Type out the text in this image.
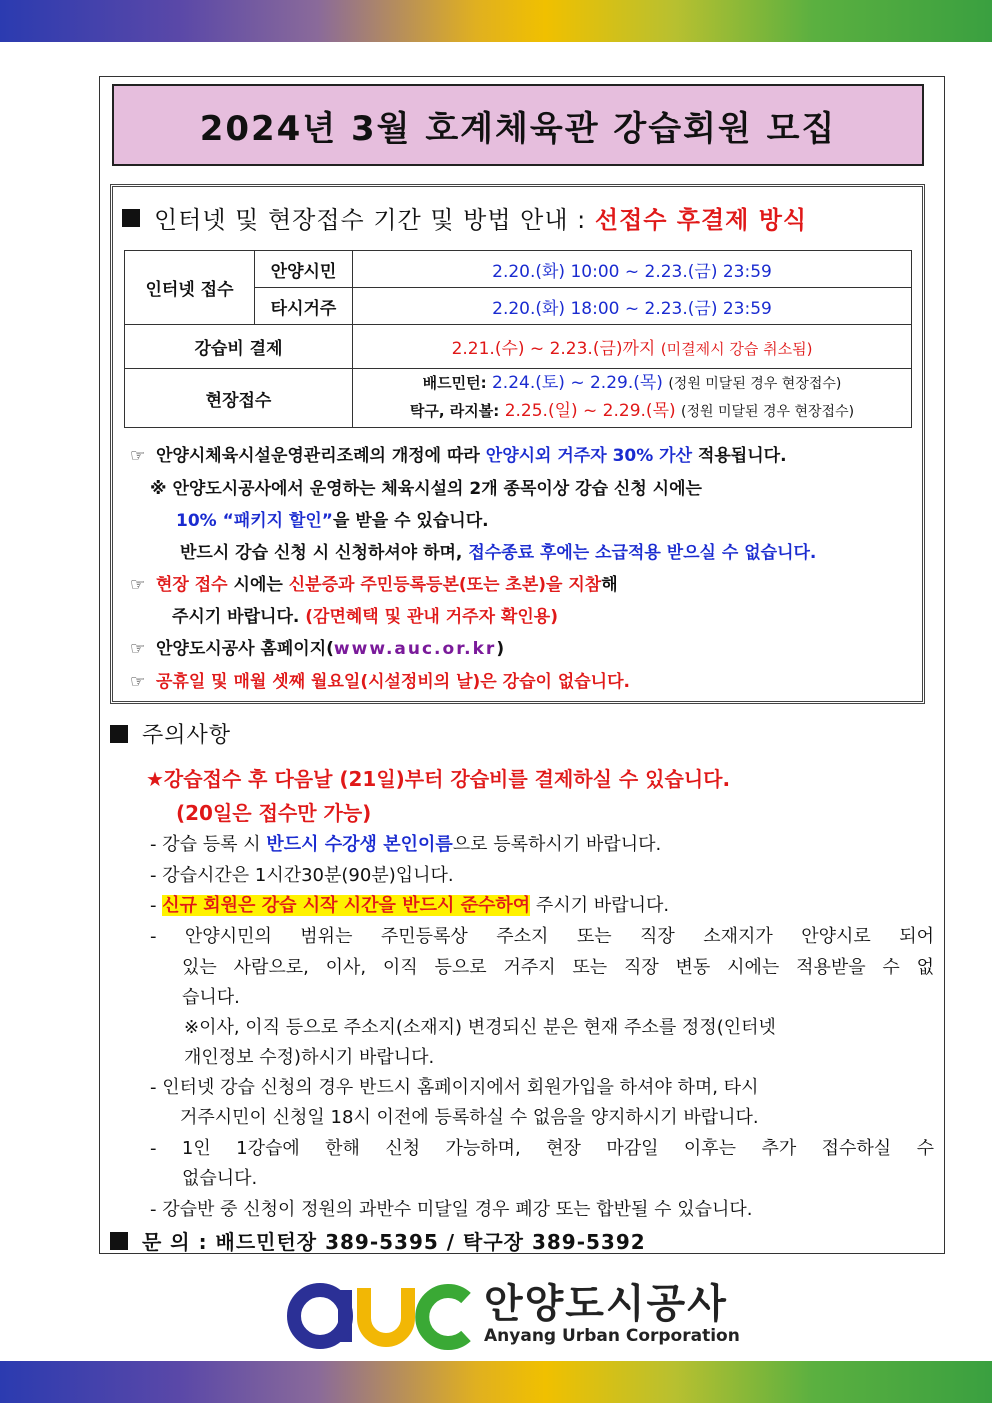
2024년 3월 호계체육관 강습회원 모집
인터넷 및 현장접수 기간 및 방법 안내 :
선접수 후결제 방식
인터넷 접수	안양시민	2.20.(화) 10:00 ~ 2.23.(금) 23:59
	타시거주	2.20.(화) 18:00 ~ 2.23.(금) 23:59
강습비 결제		2.21.(수) ~ 2.23.(금)까지 (미결제시 강습 취소됨)
현장접수		배드민턴: 2.24.(토) ~ 2.29.(목) (정원 미달된 경우 현장접수)
탁구, 라지볼: 2.25.(일) ~ 2.29.(목) (정원 미달된 경우 현장접수)
☞ 안양시체육시설운영관리조례의 개정에 따라 안양시외 거주자 30% 가산 적용됩니다.
※ 안양도시공사에서 운영하는 체육시설의 2개 종목이상 강습 신청 시에는
10% “패키지 할인”을 받을 수 있습니다.
반드시 강습 신청 시 신청하셔야 하며, 접수종료 후에는 소급적용 받으실 수 없습니다.
☞ 현장 접수 시에는 신분증과 주민등록등본(또는 초본)을 지참해
주시기 바랍니다. (감면혜택 및 관내 거주자 확인용)
☞ 안양도시공사 홈페이지(www.auc.or.kr)
☞ 공휴일 및 매월 셋째 월요일(시설정비의 날)은 강습이 없습니다.
주의사항
★강습접수 후 다음날 (21일)부터 강습비를 결제하실 수 있습니다.
(20일은 접수만 가능)
- 강습 등록 시 반드시 수강생 본인이름으로 등록하시기 바랍니다.
- 강습시간은 1시간30분(90분)입니다.
- 신규 회원은 강습 시작 시간을 반드시 준수하여 주시기 바랍니다.
- 안양시민의 범위는 주민등록상 주소지 또는 직장 소재지가 안양시로 되어
있는 사람으로, 이사, 이직 등으로 거주지 또는 직장 변동 시에는 적용받을 수 없
습니다.
※이사, 이직 등으로 주소지(소재지) 변경되신 분은 현재 주소를 정정(인터넷
개인정보 수정)하시기 바랍니다.
- 인터넷 강습 신청의 경우 반드시 홈페이지에서 회원가입을 하셔야 하며, 타시
거주시민이 신청일 18시 이전에 등록하실 수 없음을 양지하시기 바랍니다.
- 1인 1강습에 한해 신청 가능하며, 현장 마감일 이후는 추가 접수하실 수
없습니다.
- 강습반 중 신청이 정원의 과반수 미달일 경우 폐강 또는 합반될 수 있습니다.
문 의 : 배드민턴장 389-5395 / 탁구장 389-5392
안양도시공사
Anyang Urban Corporation
